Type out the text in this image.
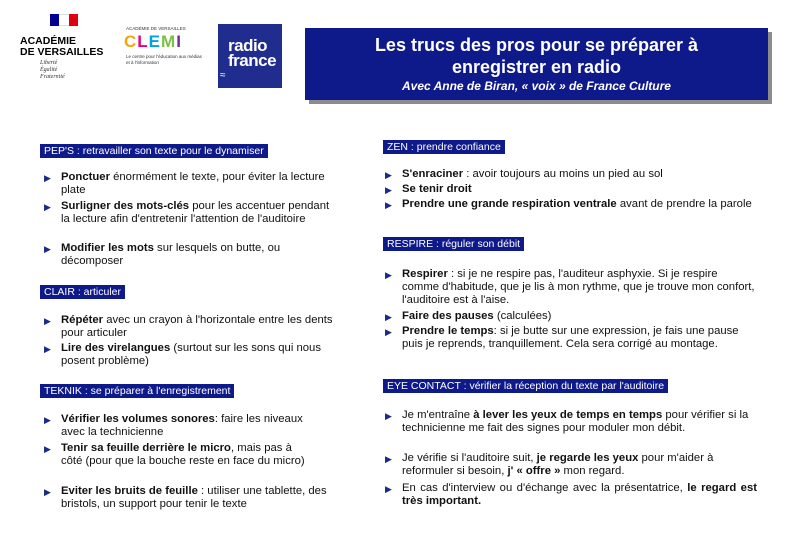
ACADÉMIE
DE VERSAILLES
Liberté
Égalité
Fraternité
ACADÉMIE DE VERSAILLES
CLEMI
Le centre pour l'éducation aux médias et à l'information
radio
france
≈
Les trucs des pros pour se préparer à
enregistrer en radio
Avec Anne de Biran, « voix » de France Culture
PEP'S : retravailler son texte pour le dynamiser
▶ Ponctuer énormément le texte, pour éviter la lecture plate
▶ Surligner des mots-clés pour les accentuer pendant la lecture afin d'entretenir l'attention de l'auditoire
▶ Modifier les mots sur lesquels on butte, ou décomposer
CLAIR : articuler
▶ Répéter avec un crayon à l'horizontale entre les dents pour articuler
▶ Lire des virelangues (surtout sur les sons qui nous posent problème)
TEKNIK : se préparer à l'enregistrement
▶ Vérifier les volumes sonores: faire les niveaux avec la technicienne
▶ Tenir sa feuille derrière le micro, mais pas à côté (pour que la bouche reste en face du micro)
▶ Eviter les bruits de feuille : utiliser une tablette, des bristols, un support pour tenir le texte
ZEN : prendre confiance
▶ S'enraciner : avoir toujours au moins un pied au sol
▶ Se tenir droit
▶ Prendre une grande respiration ventrale avant de prendre la parole
RESPIRE : réguler son débit
▶ Respirer : si je ne respire pas, l'auditeur asphyxie. Si je respire comme d'habitude, que je lis à mon rythme, que je trouve mon confort, l'auditoire est à l'aise.
▶ Faire des pauses (calculées)
▶ Prendre le temps: si je butte sur une expression, je fais une pause puis je reprends, tranquillement. Cela sera corrigé au montage.
EYE CONTACT : vérifier la réception du texte par l'auditoire
▶ Je m'entraîne à lever les yeux de temps en temps pour vérifier si la technicienne me fait des signes pour moduler mon débit.
▶ Je vérifie si l'auditoire suit, je regarde les yeux pour m'aider à reformuler si besoin, j' « offre » mon regard.
▶ En cas d'interview ou d'échange avec la présentatrice, le regard est très important.
